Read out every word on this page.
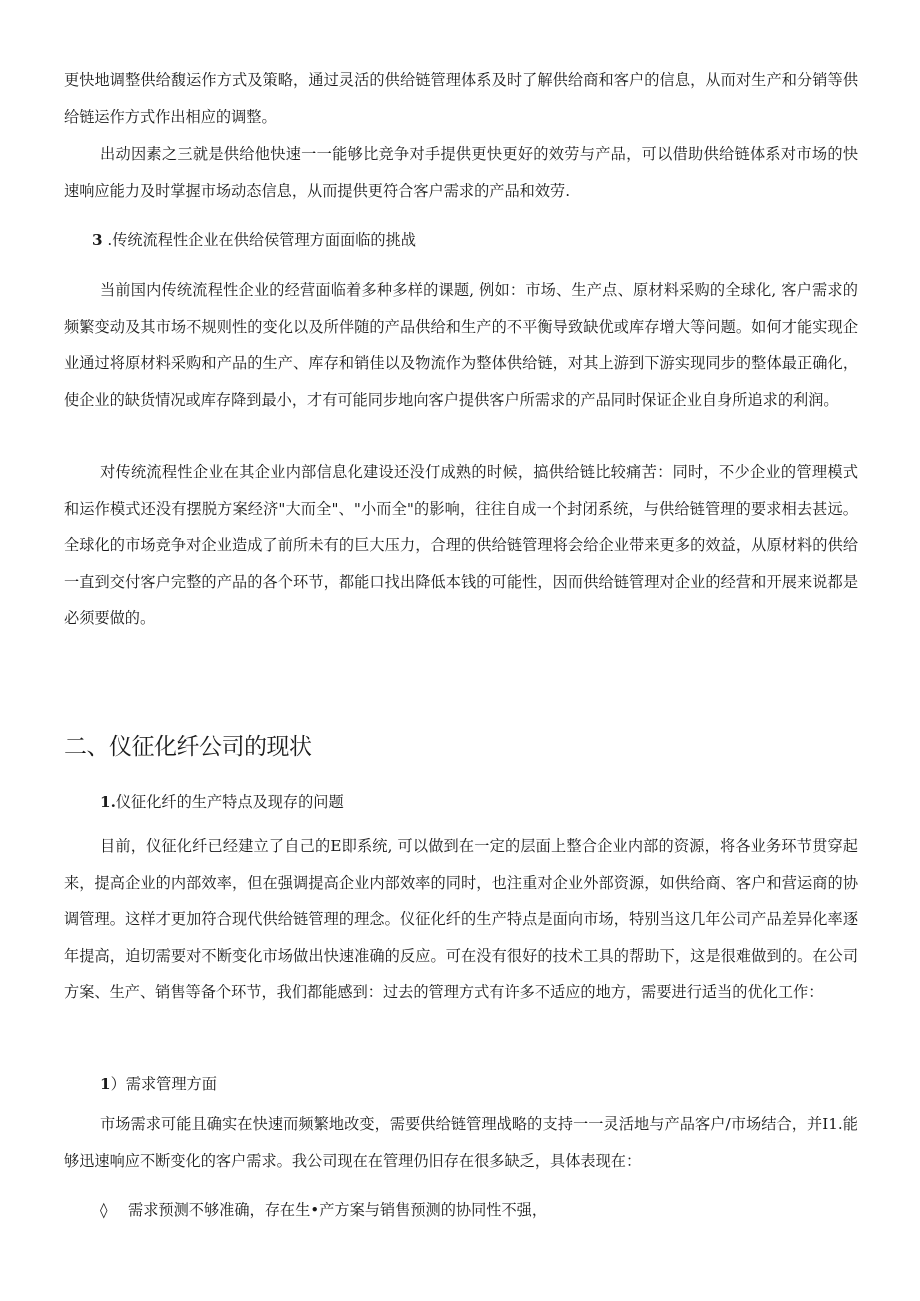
更快地调整供给馥运作方式及策略，通过灵活的供给链管理体系及时了解供给商和客户的信息，从而对生产和分销等供给链运作方式作出相应的调整。

出动因素之三就是供给他快速一一能够比竞争对手提供更快更好的效劳与产品，可以借助供给链体系对市场的快速响应能力及时掌握市场动态信息，从而提供更符合客户需求的产品和效劳.

3 .传统流程性企业在供给侯管理方面面临的挑战

当前国内传统流程性企业的经营面临着多种多样的课题, 例如：市场、生产点、原材料采购的全球化, 客户需求的频繁变动及其市场不规则性的变化以及所伴随的产品供给和生产的不平衡导致缺优或库存增大等问题。如何才能实现企业通过将原材料采购和产品的生产、库存和销佳以及物流作为整体供给链，对其上游到下游实现同步的整体最正确化，使企业的缺货情况或库存降到最小，才有可能同步地向客户提供客户所需求的产品同时保证企业自身所追求的利润。

对传统流程性企业在其企业内部信息化建设还没仃成熟的时候，搞供给链比较痛苦：同时，不少企业的管理模式和运作模式还没有摆脱方案经济"大而全"、"小而全"的影响，往往自成一个封闭系统，与供给链管理的要求相去甚远。全球化的市场竞争对企业造成了前所未有的巨大压力，合理的供给链管理将会给企业带来更多的效益，从原材料的供给一直到交付客户完整的产品的各个环节，都能口找出降低本钱的可能性，因而供给链管理对企业的经营和开展来说都是必须要做的。

二、仪征化纤公司的现状
1.仪征化纤的生产特点及现存的问题

目前，仪征化纤已经建立了自己的E即系统, 可以做到在一定的层面上整合企业内部的资源，将各业务环节贯穿起来，提高企业的内部效率，但在强调提高企业内部效率的同时，也注重对企业外部资源，如供给商、客户和营运商的协调管理。这样才更加符合现代供给链管理的理念。仪征化纤的生产特点是面向市场，特别当这几年公司产品差异化率逐年提高，迫切需要对不断变化市场做出快速准确的反应。可在没有很好的技术工具的帮助下，这是很难做到的。在公司方案、生产、销售等备个环节，我们都能感到：过去的管理方式有许多不适应的地方，需要进行适当的优化工作：

1）需求管理方面

市场需求可能且确实在快速而频繁地改变，需要供给链管理战略的支持一一灵活地与产品客户/市场结合，并I1.能够迅速响应不断变化的客户需求。我公司现在在管理仍旧存在很多缺乏，具体表现在：

◊ 需求预测不够准确，存在生•产方案与销售预测的协同性不强，
